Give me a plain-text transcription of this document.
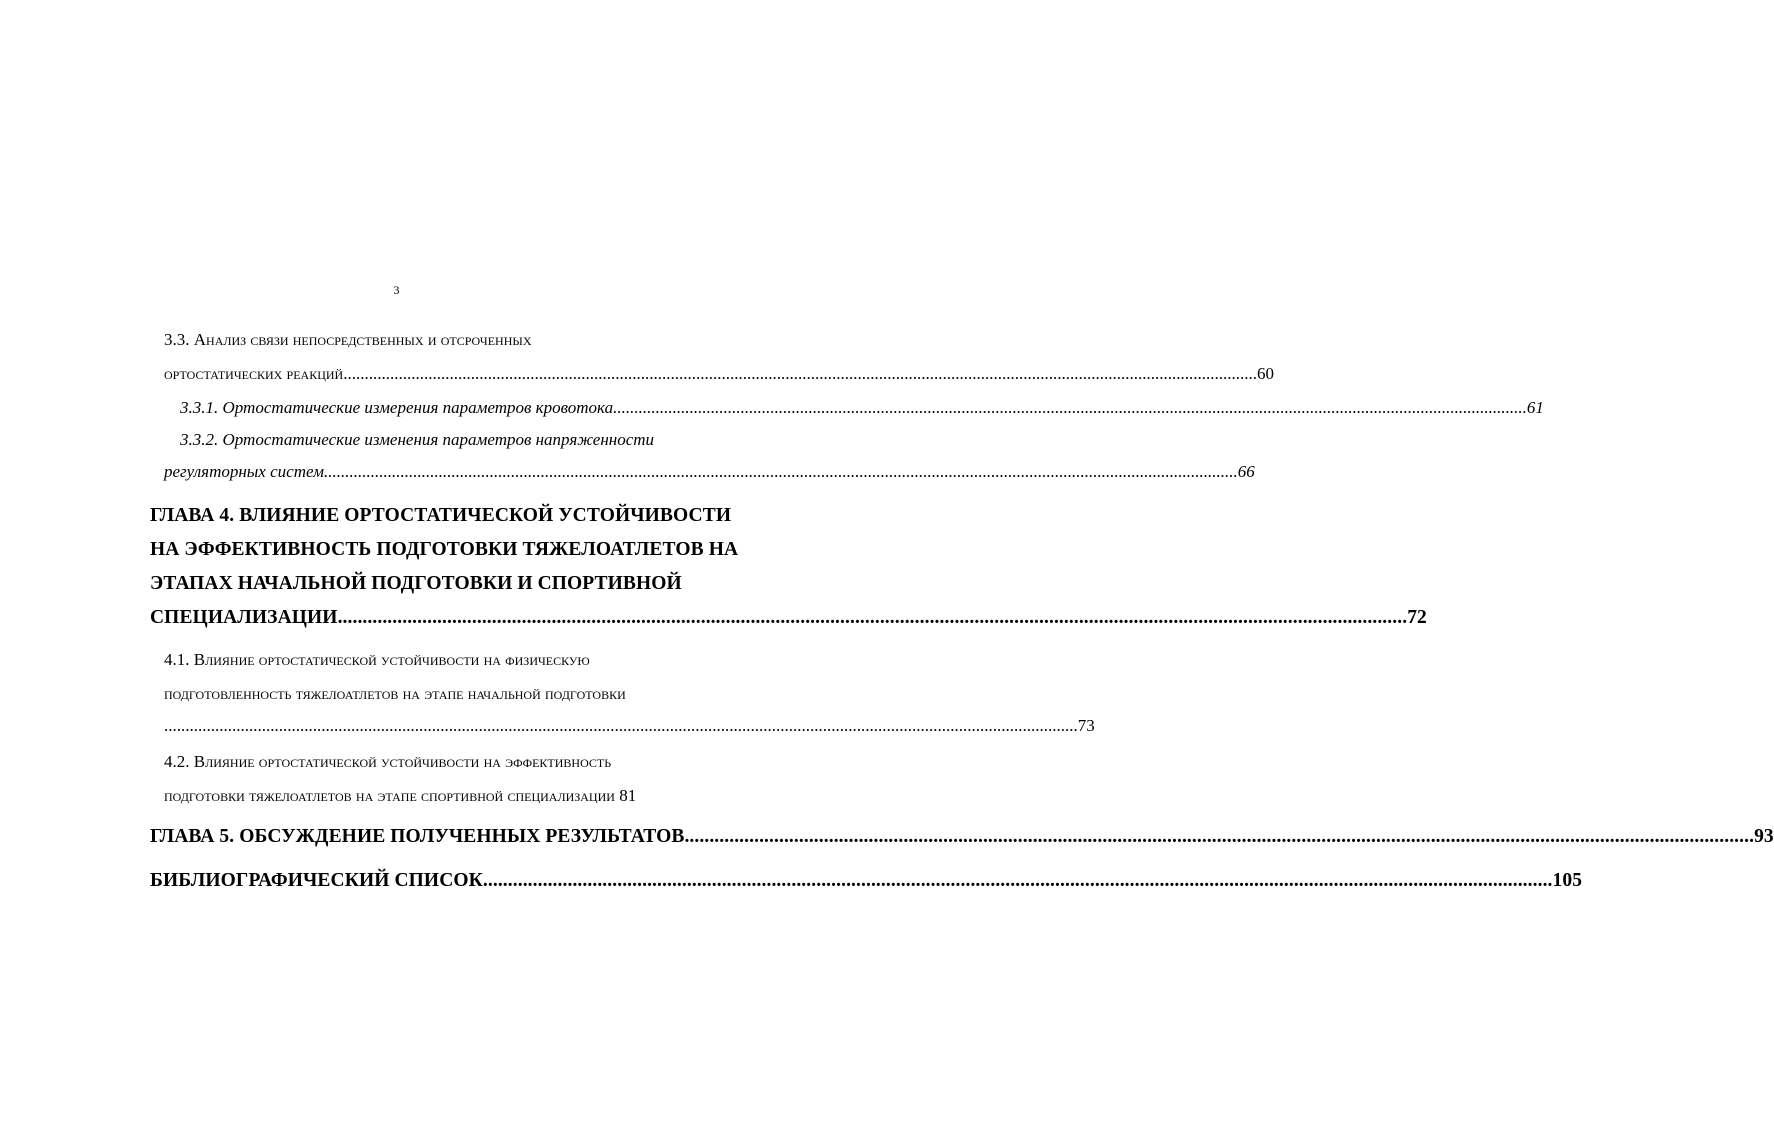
3
3.3. Анализ связи непосредственных и отсроченных
ортостатических реакций ....................................................................................................................................................................................................................... 60
3.3.1. Ортостатические измерения параметров кровотока ....................................................................................................................................................................................................................... 61
3.3.2. Ортостатические изменения параметров напряженности
регуляторных систем ....................................................................................................................................................................................................................... 66
ГЛАВА 4. ВЛИЯНИЕ ОРТОСТАТИЧЕСКОЙ УСТОЙЧИВОСТИ
НА ЭФФЕКТИВНОСТЬ ПОДГОТОВКИ ТЯЖЕЛОАТЛЕТОВ НА
ЭТАПАХ НАЧАЛЬНОЙ ПОДГОТОВКИ И СПОРТИВНОЙ
СПЕЦИАЛИЗАЦИИ ....................................................................................................................................................................................................................... 72
4.1. Влияние ортостатической устойчивости на физическую
подготовленность тяжелоатлетов на этапе начальной подготовки
....................................................................................................................................................................................................................... 73
4.2. Влияние ортостатической устойчивости на эффективность
подготовки тяжелоатлетов на этапе спортивной специализации
81
ГЛАВА 5. ОБСУЖДЕНИЕ ПОЛУЧЕННЫХ РЕЗУЛЬТАТОВ ....................................................................................................................................................................................................................... 93
БИБЛИОГРАФИЧЕСКИЙ СПИСОК ....................................................................................................................................................................................................................... 105
